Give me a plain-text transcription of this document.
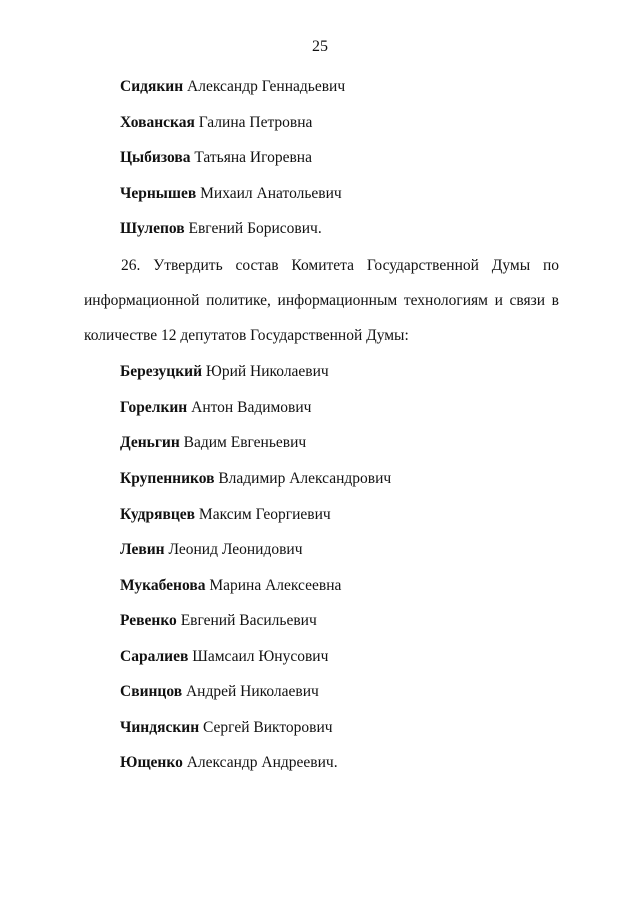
25
Сидякин Александр Геннадьевич
Хованская Галина Петровна
Цыбизова Татьяна Игоревна
Чернышев Михаил Анатольевич
Шулепов Евгений Борисович.
26. Утвердить состав Комитета Государственной Думы по
информационной политике, информационным технологиям и связи в
количестве 12 депутатов Государственной Думы:
Березуцкий Юрий Николаевич
Горелкин Антон Вадимович
Деньгин Вадим Евгеньевич
Крупенников Владимир Александрович
Кудрявцев Максим Георгиевич
Левин Леонид Леонидович
Мукабенова Марина Алексеевна
Ревенко Евгений Васильевич
Саралиев Шамсаил Юнусович
Свинцов Андрей Николаевич
Чиндяскин Сергей Викторович
Ющенко Александр Андреевич.
